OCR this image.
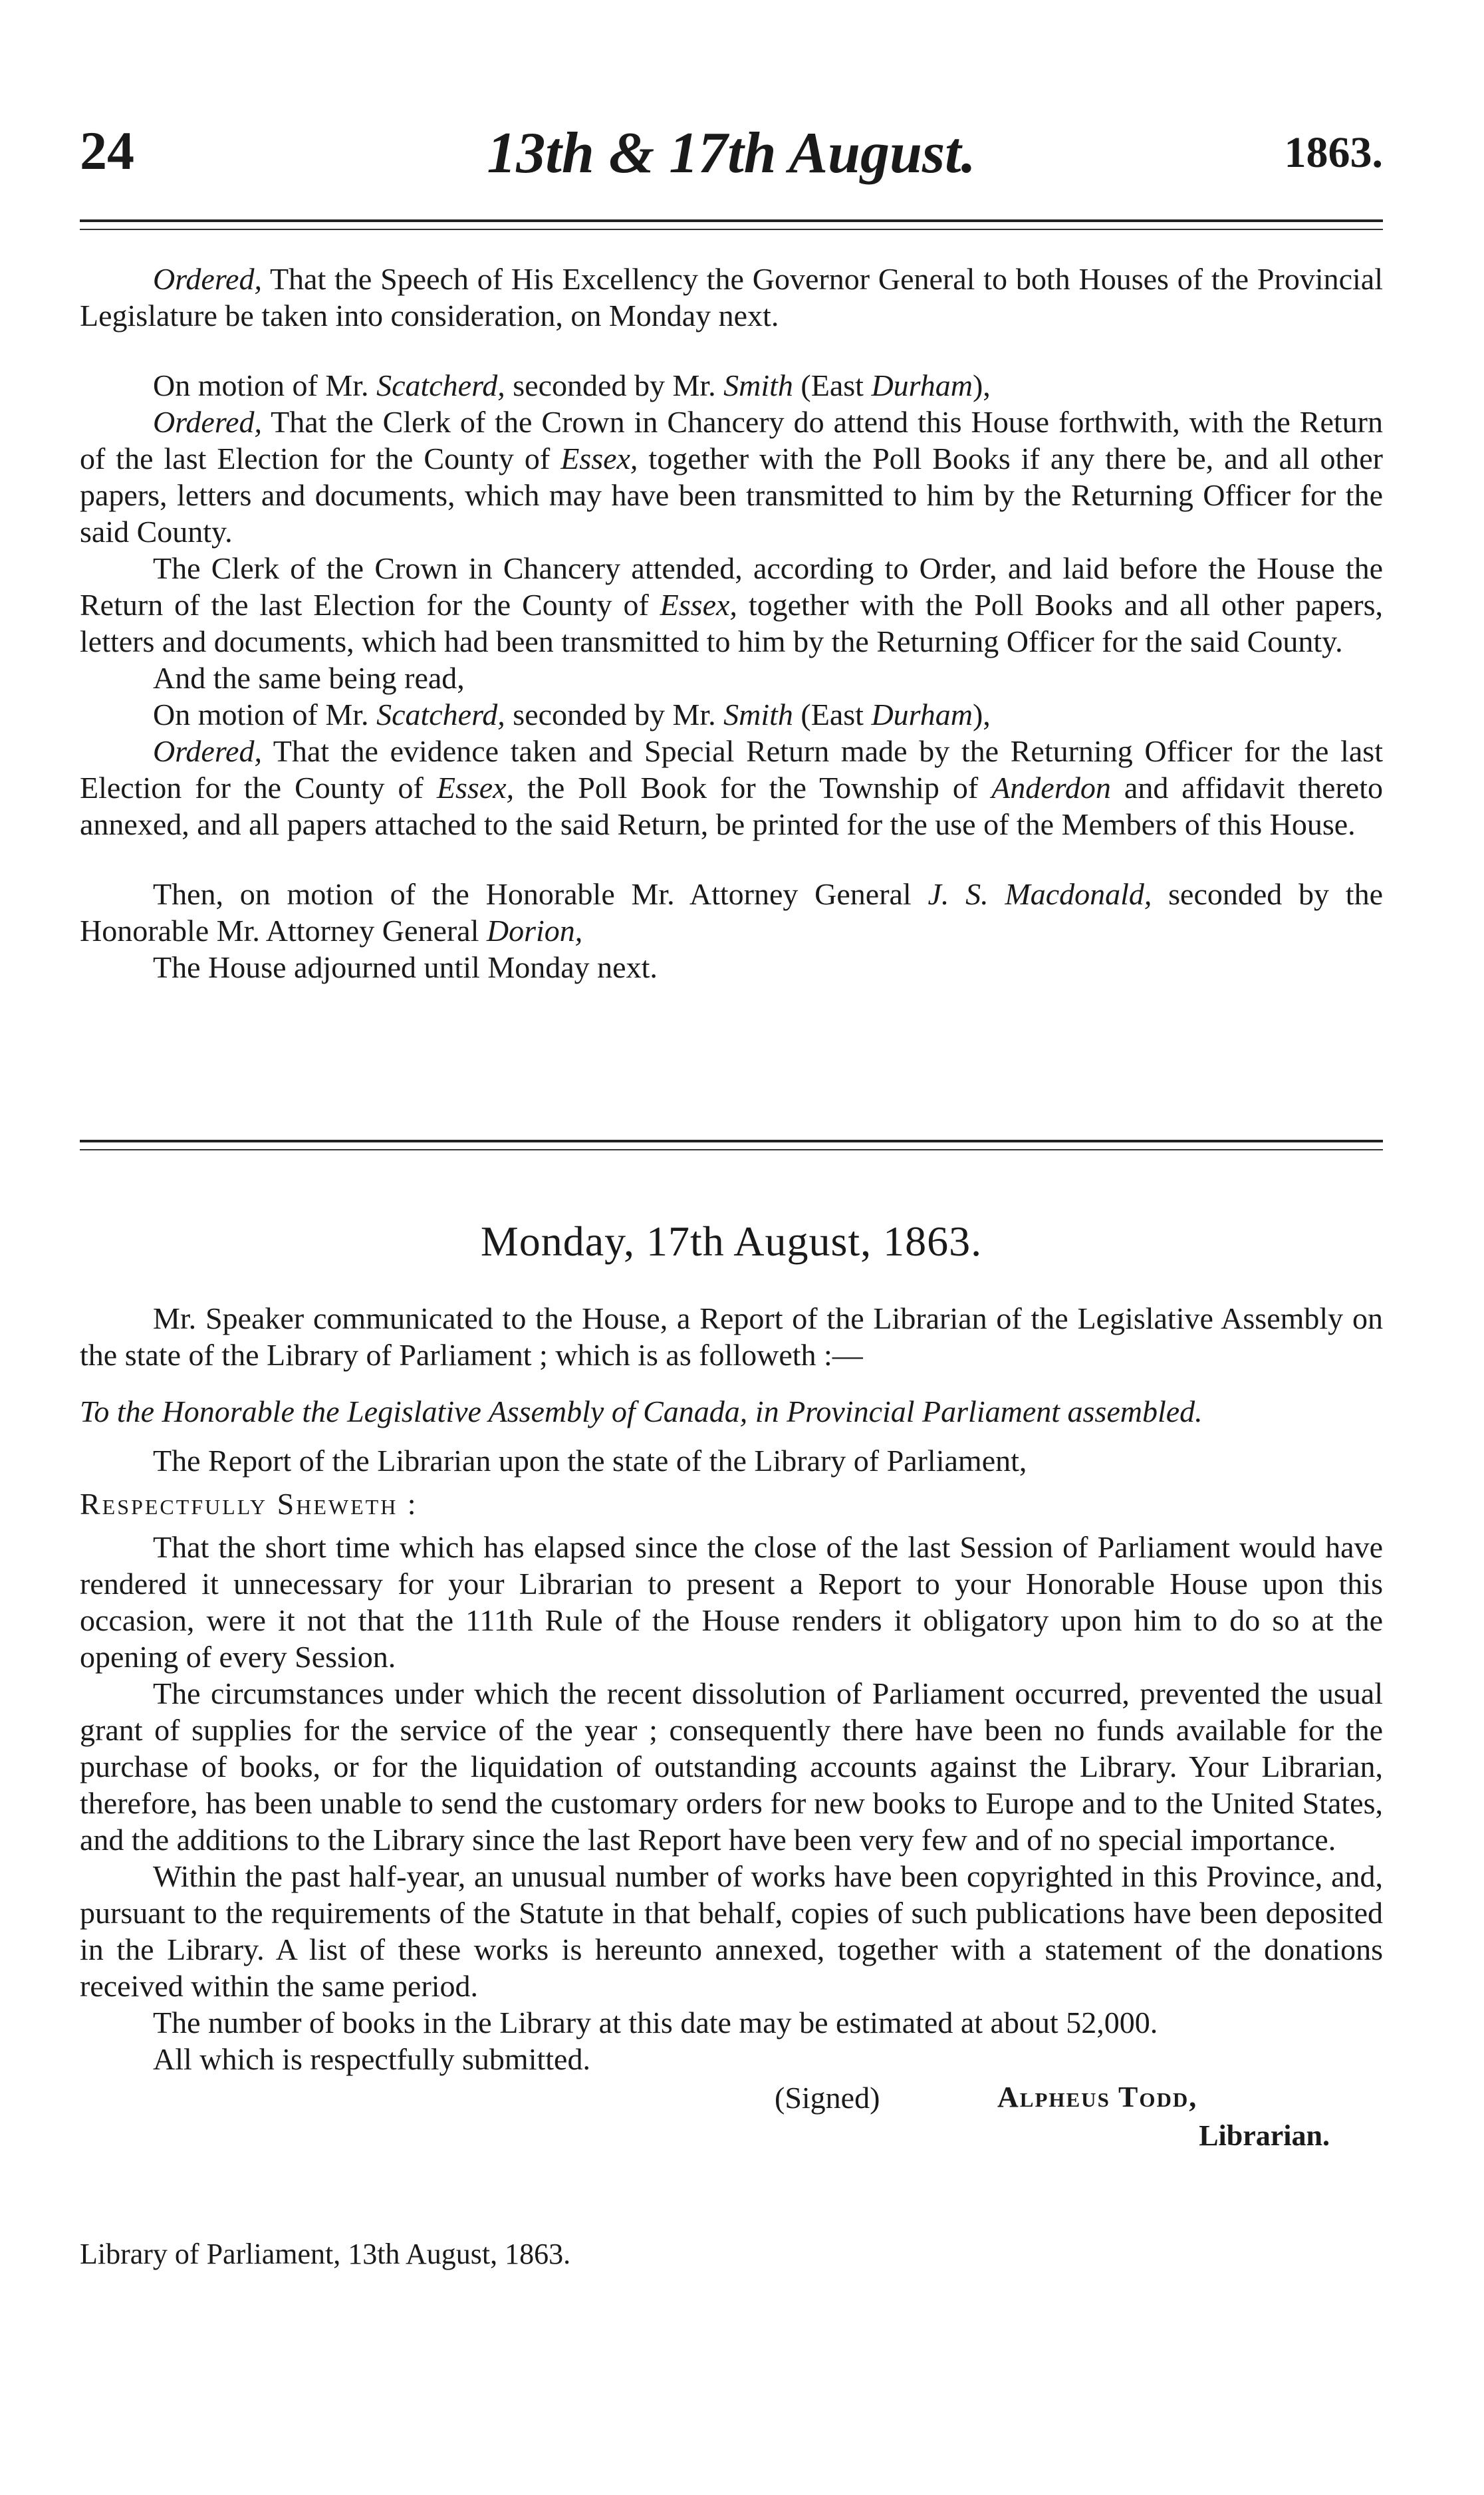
24	13th & 17th August.	1863.

Ordered, That the Speech of His Excellency the Governor General to both Houses of the Provincial Legislature be taken into consideration, on Monday next.

On motion of Mr. Scatcherd, seconded by Mr. Smith (East Durham),

Ordered, That the Clerk of the Crown in Chancery do attend this House forthwith, with the Return of the last Election for the County of Essex, together with the Poll Books if any there be, and all other papers, letters and documents, which may have been transmitted to him by the Returning Officer for the said County.

The Clerk of the Crown in Chancery attended, according to Order, and laid before the House the Return of the last Election for the County of Essex, together with the Poll Books and all other papers, letters and documents, which had been transmitted to him by the Returning Officer for the said County.

And the same being read,

On motion of Mr. Scatcherd, seconded by Mr. Smith (East Durham),

Ordered, That the evidence taken and Special Return made by the Returning Officer for the last Election for the County of Essex, the Poll Book for the Township of Anderdon and affidavit thereto annexed, and all papers attached to the said Return, be printed for the use of the Members of this House.

Then, on motion of the Honorable Mr. Attorney General J. S. Macdonald, seconded by the Honorable Mr. Attorney General Dorion,

The House adjourned until Monday next.

Monday, 17th August, 1863.

Mr. Speaker communicated to the House, a Report of the Librarian of the Legislative Assembly on the state of the Library of Parliament ; which is as followeth :—

To the Honorable the Legislative Assembly of Canada, in Provincial Parliament assembled.

The Report of the Librarian upon the state of the Library of Parliament,

Respectfully Sheweth :

That the short time which has elapsed since the close of the last Session of Parliament would have rendered it unnecessary for your Librarian to present a Report to your Honorable House upon this occasion, were it not that the 111th Rule of the House renders it obligatory upon him to do so at the opening of every Session.

The circumstances under which the recent dissolution of Parliament occurred, prevented the usual grant of supplies for the service of the year ; consequently there have been no funds available for the purchase of books, or for the liquidation of outstanding accounts against the Library. Your Librarian, therefore, has been unable to send the customary orders for new books to Europe and to the United States, and the additions to the Library since the last Report have been very few and of no special importance.

Within the past half-year, an unusual number of works have been copyrighted in this Province, and, pursuant to the requirements of the Statute in that behalf, copies of such publications have been deposited in the Library. A list of these works is hereunto annexed, together with a statement of the donations received within the same period.

The number of books in the Library at this date may be estimated at about 52,000.

All which is respectfully submitted.

(Signed)	Alpheus Todd,
Librarian.
Library of Parliament, 13th August, 1863.
